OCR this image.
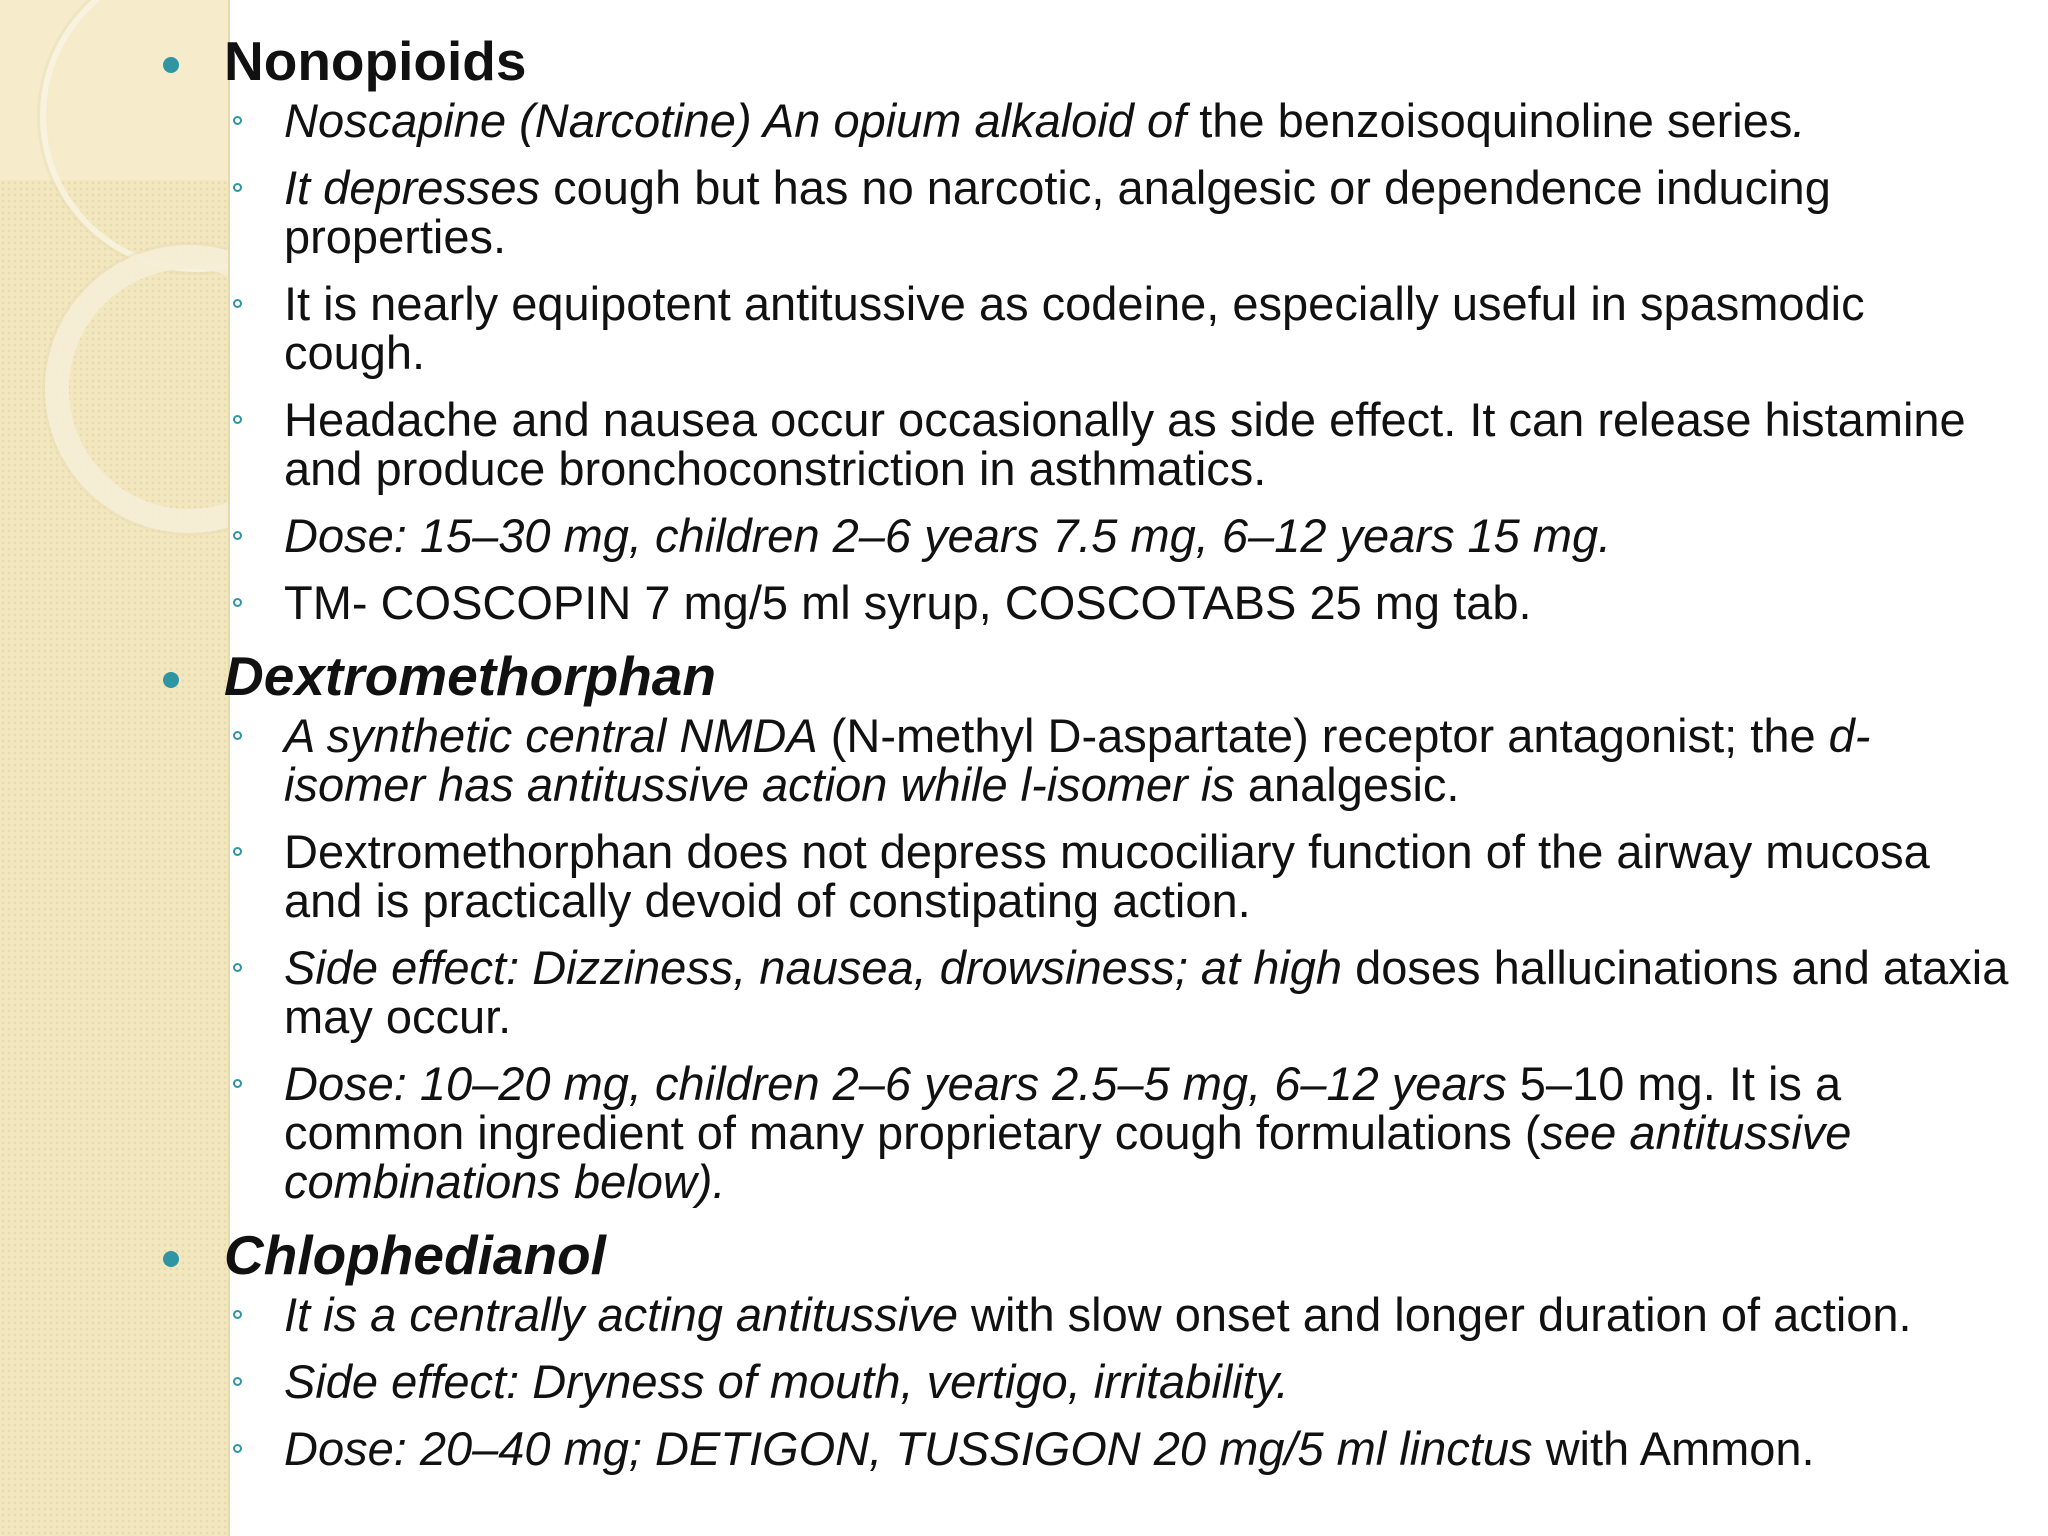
Nonopioids
Noscapine (Narcotine) An opium alkaloid of the benzoisoquinoline series.
It depresses cough but has no narcotic, analgesic or dependence inducing properties.
It is nearly equipotent antitussive as codeine, especially useful in spasmodic cough.
Headache and nausea occur occasionally as side effect. It can release histamine and produce bronchoconstriction in asthmatics.
Dose: 15–30 mg, children 2–6 years 7.5 mg, 6–12 years 15 mg.
TM- COSCOPIN 7 mg/5 ml syrup, COSCOTABS 25 mg tab.
Dextromethorphan
A synthetic central NMDA (N-methyl D-aspartate) receptor antagonist; the d-isomer has antitussive action while l-isomer is analgesic.
Dextromethorphan does not depress mucociliary function of the airway mucosa and is practically devoid of constipating action.
Side effect: Dizziness, nausea, drowsiness; at high doses hallucinations and ataxia may occur.
Dose: 10–20 mg, children 2–6 years 2.5–5 mg, 6–12 years 5–10 mg. It is a common ingredient of many proprietary cough formulations (see antitussive combinations below).
Chlophedianol
It is a centrally acting antitussive with slow onset and longer duration of action.
Side effect: Dryness of mouth, vertigo, irritability.
Dose: 20–40 mg; DETIGON, TUSSIGON 20 mg/5 ml linctus with Ammon.
